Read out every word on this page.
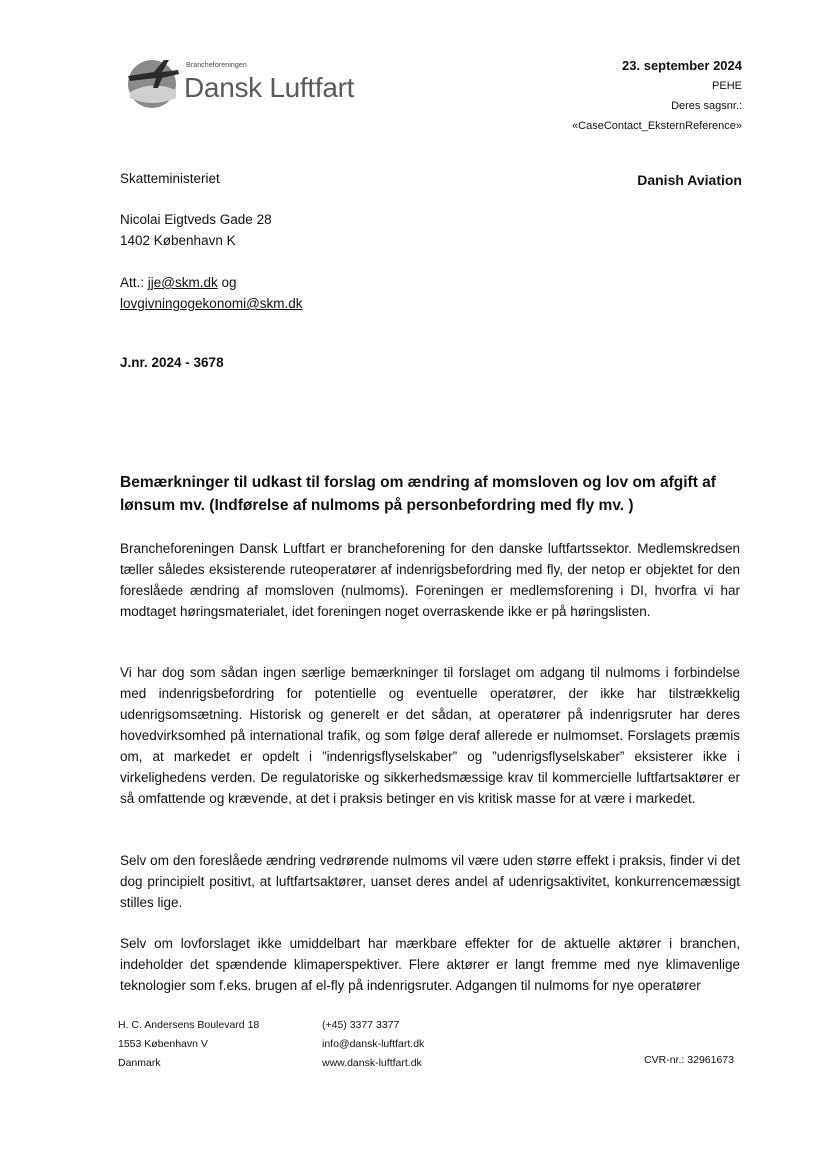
Brancheforeningen
Dansk Luftfart
23. september 2024
PEHE
Deres sagsnr.:
«CaseContact_EksternReference»
Danish Aviation
Skatteministeriet
Nicolai Eigtveds Gade 28
1402 København K
Att.: jje@skm.dk og
lovgivningogekonomi@skm.dk
J.nr. 2024 - 3678
Bemærkninger til udkast til forslag om ændring af momsloven og lov om afgift af lønsum mv. (Indførelse af nulmoms på personbefordring med fly mv. )
Brancheforeningen Dansk Luftfart er brancheforening for den danske luftfartssektor. Medlemskredsen tæller således eksisterende ruteoperatører af indenrigsbefordring med fly, der netop er objektet for den foreslåede ændring af momsloven (nulmoms). Foreningen er medlemsforening i DI, hvorfra vi har modtaget høringsmaterialet, idet foreningen noget overraskende ikke er på høringslisten.
Vi har dog som sådan ingen særlige bemærkninger til forslaget om adgang til nulmoms i forbindelse med indenrigsbefordring for potentielle og eventuelle operatører, der ikke har tilstrækkelig udenrigsomsætning. Historisk og generelt er det sådan, at operatører på indenrigsruter har deres hovedvirksomhed på international trafik, og som følge deraf allerede er nulmomset. Forslagets præmis om, at markedet er opdelt i ”indenrigsflyselskaber” og ”udenrigsflyselskaber” eksisterer ikke i virkelighedens verden. De regulatoriske og sikkerhedsmæssige krav til kommercielle luftfartsaktører er så omfattende og krævende, at det i praksis betinger en vis kritisk masse for at være i markedet.
Selv om den foreslåede ændring vedrørende nulmoms vil være uden større effekt i praksis, finder vi det dog principielt positivt, at luftfartsaktører, uanset deres andel af udenrigsaktivitet, konkurrencemæssigt stilles lige.
Selv om lovforslaget ikke umiddelbart har mærkbare effekter for de aktuelle aktører i branchen, indeholder det spændende klimaperspektiver. Flere aktører er langt fremme med nye klimavenlige teknologier som f.eks. brugen af el-fly på indenrigsruter. Adgangen til nulmoms for nye operatører
H. C. Andersens Boulevard 18
1553 København V
Danmark
(+45) 3377 3377
info@dansk-luftfart.dk
www.dansk-luftfart.dk	CVR-nr.: 32961673
